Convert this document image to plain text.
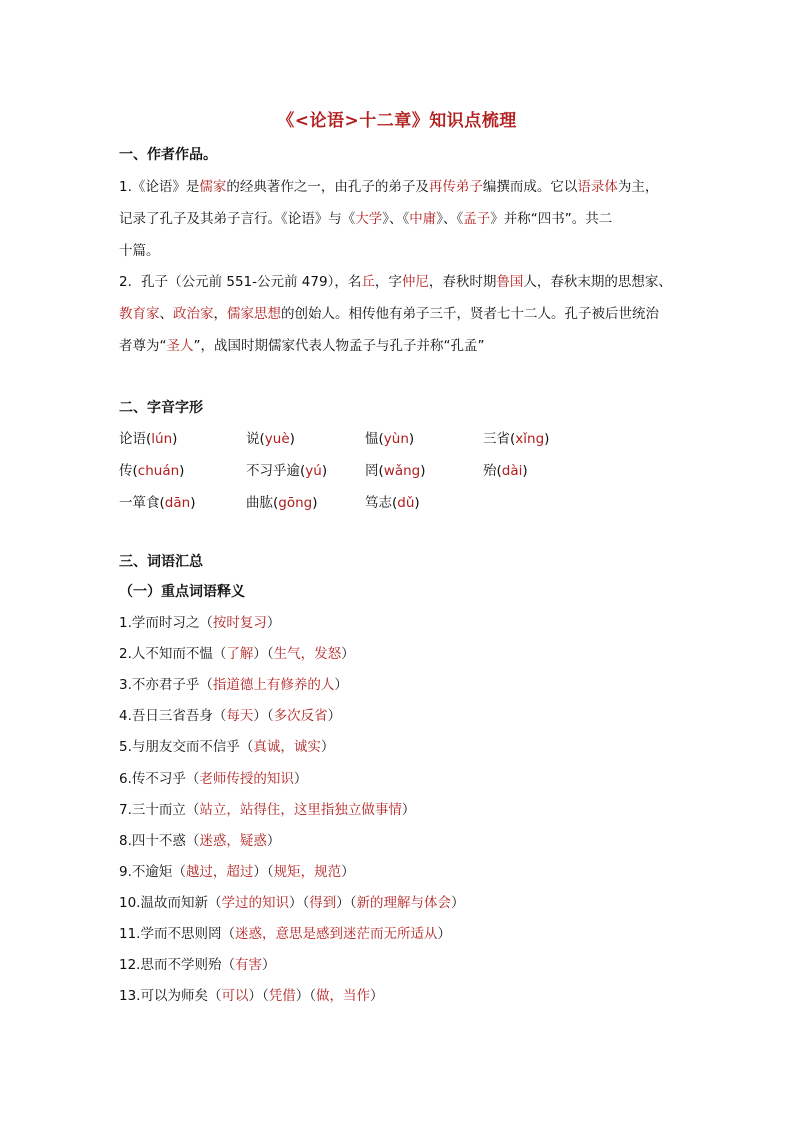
《<论语>十二章》知识点梳理
一、作者作品。
1.《论语》是儒家的经典著作之一，由孔子的弟子及再传弟子编撰而成。它以语录体为主，
记录了孔子及其弟子言行。《论语》与《大学》、《中庸》、《孟子》并称“四书”。共二
十篇。
2．孔子（公元前 551-公元前 479），名丘，字仲尼，春秋时期鲁国人，春秋末期的思想家、
教育家、政治家，儒家思想的创始人。相传他有弟子三千，贤者七十二人。孔子被后世统治
者尊为“圣人”，战国时期儒家代表人物孟子与孔子并称“孔孟”
二、字音字形
论语(lún)	说(yuè)	愠(yùn)	三省(xǐng)
传(chuán)	不习乎逾(yú)	罔(wǎng)	殆(dài)
一箪食(dān)	曲肱(gōng)	笃志(dǔ)
三、词语汇总
（一）重点词语释义
1.学而时习之（按时复习）
2.人不知而不愠（了解）（生气，发怒）
3.不亦君子乎（指道德上有修养的人）
4.吾日三省吾身（每天）（多次反省）
5.与朋友交而不信乎（真诚，诚实）
6.传不习乎（老师传授的知识）
7.三十而立（站立，站得住，这里指独立做事情）
8.四十不惑（迷惑，疑惑）
9.不逾矩（越过，超过）（规矩，规范）
10.温故而知新（学过的知识）（得到）（新的理解与体会）
11.学而不思则罔（迷惑，意思是感到迷茫而无所适从）
12.思而不学则殆（有害）
13.可以为师矣（可以）（凭借）（做，当作）
